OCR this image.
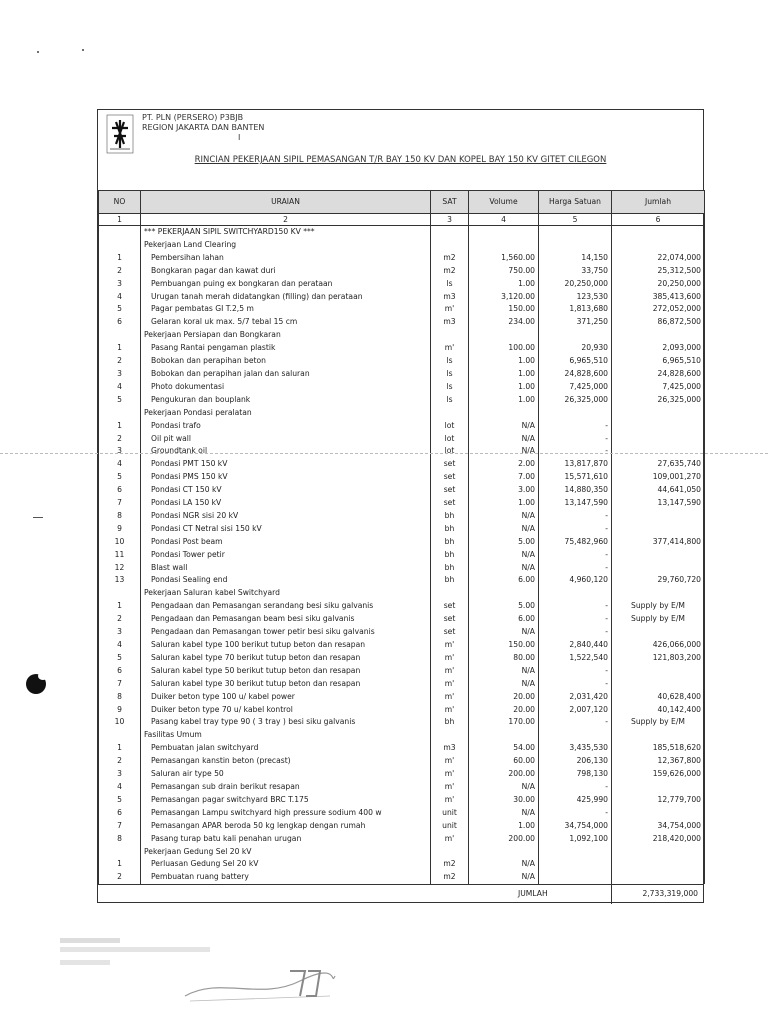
PT. PLN (PERSERO) P3BJB
REGION JAKARTA DAN BANTEN
I
RINCIAN PEKERJAAN SIPIL PEMASANGAN T/R BAY 150 KV DAN KOPEL BAY 150 KV GITET CILEGON
NO	URAIAN	SAT	Volume	Harga Satuan	Jumlah
1	2	3	4	5	6
	*** PEKERJAAN SIPIL SWITCHYARD150 KV ***				
	Pekerjaan Land Clearing				
1	Pembersihan lahan	m2	1,560.00	14,150	22,074,000
2	Bongkaran pagar dan kawat duri	m2	750.00	33,750	25,312,500
3	Pembuangan puing ex bongkaran dan perataan	ls	1.00	20,250,000	20,250,000
4	Urugan tanah merah didatangkan (filling) dan perataan	m3	3,120.00	123,530	385,413,600
5	Pagar pembatas GI T.2,5 m	m'	150.00	1,813,680	272,052,000
6	Gelaran koral uk max. 5/7 tebal 15 cm	m3	234.00	371,250	86,872,500
	Pekerjaan Persiapan dan Bongkaran				
1	Pasang Rantai pengaman plastik	m'	100.00	20,930	2,093,000
2	Bobokan dan perapihan beton	ls	1.00	6,965,510	6,965,510
3	Bobokan dan perapihan jalan dan saluran	ls	1.00	24,828,600	24,828,600
4	Photo dokumentasi	ls	1.00	7,425,000	7,425,000
5	Pengukuran dan bouplank	ls	1.00	26,325,000	26,325,000
	Pekerjaan Pondasi peralatan				
1	Pondasi trafo	lot	N/A	-	
2	Oil pit wall	lot	N/A	-	
3	Groundtank oil	lot	N/A	-	
4	Pondasi PMT 150 kV	set	2.00	13,817,870	27,635,740
5	Pondasi PMS 150 kV	set	7.00	15,571,610	109,001,270
6	Pondasi CT 150 kV	set	3.00	14,880,350	44,641,050
7	Pondasi LA 150 kV	set	1.00	13,147,590	13,147,590
8	Pondasi NGR sisi 20 kV	bh	N/A	-	
9	Pondasi CT Netral sisi 150 kV	bh	N/A	-	
10	Pondasi Post beam	bh	5.00	75,482,960	377,414,800
11	Pondasi Tower petir	bh	N/A	-	
12	Blast wall	bh	N/A	-	
13	Pondasi Sealing end	bh	6.00	4,960,120	29,760,720
	Pekerjaan Saluran kabel Switchyard				
1	Pengadaan dan Pemasangan serandang besi siku galvanis	set	5.00	-	Supply by E/M
2	Pengadaan dan Pemasangan beam besi siku galvanis	set	6.00	-	Supply by E/M
3	Pengadaan dan Pemasangan tower petir besi siku galvanis	set	N/A	-	
4	Saluran kabel type 100 berikut tutup beton dan resapan	m'	150.00	2,840,440	426,066,000
5	Saluran kabel type 70 berikut tutup beton dan resapan	m'	80.00	1,522,540	121,803,200
6	Saluran kabel type 50 berikut tutup beton dan resapan	m'	N/A	-	
7	Saluran kabel type 30 berikut tutup beton dan resapan	m'	N/A	-	
8	Duiker beton type 100 u/ kabel power	m'	20.00	2,031,420	40,628,400
9	Duiker beton type 70 u/ kabel kontrol	m'	20.00	2,007,120	40,142,400
10	Pasang kabel tray type 90 ( 3 tray ) besi siku galvanis	bh	170.00	-	Supply by E/M
	Fasilitas Umum				
1	Pembuatan jalan switchyard	m3	54.00	3,435,530	185,518,620
2	Pemasangan kanstin beton (precast)	m'	60.00	206,130	12,367,800
3	Saluran air type 50	m'	200.00	798,130	159,626,000
4	Pemasangan sub drain berikut resapan	m'	N/A	-	
5	Pemasangan pagar switchyard BRC T.175	m'	30.00	425,990	12,779,700
6	Pemasangan Lampu switchyard high pressure sodium 400 w	unit	N/A	-	
7	Pemasangan APAR beroda 50 kg lengkap dengan rumah	unit	1.00	34,754,000	34,754,000
8	Pasang turap batu kali penahan urugan	m'	200.00	1,092,100	218,420,000
	Pekerjaan Gedung Sel 20 kV				
1	Perluasan Gedung Sel 20 kV	m2	N/A		
2	Pembuatan ruang battery	m2	N/A		
JUMLAH	2,733,319,000
